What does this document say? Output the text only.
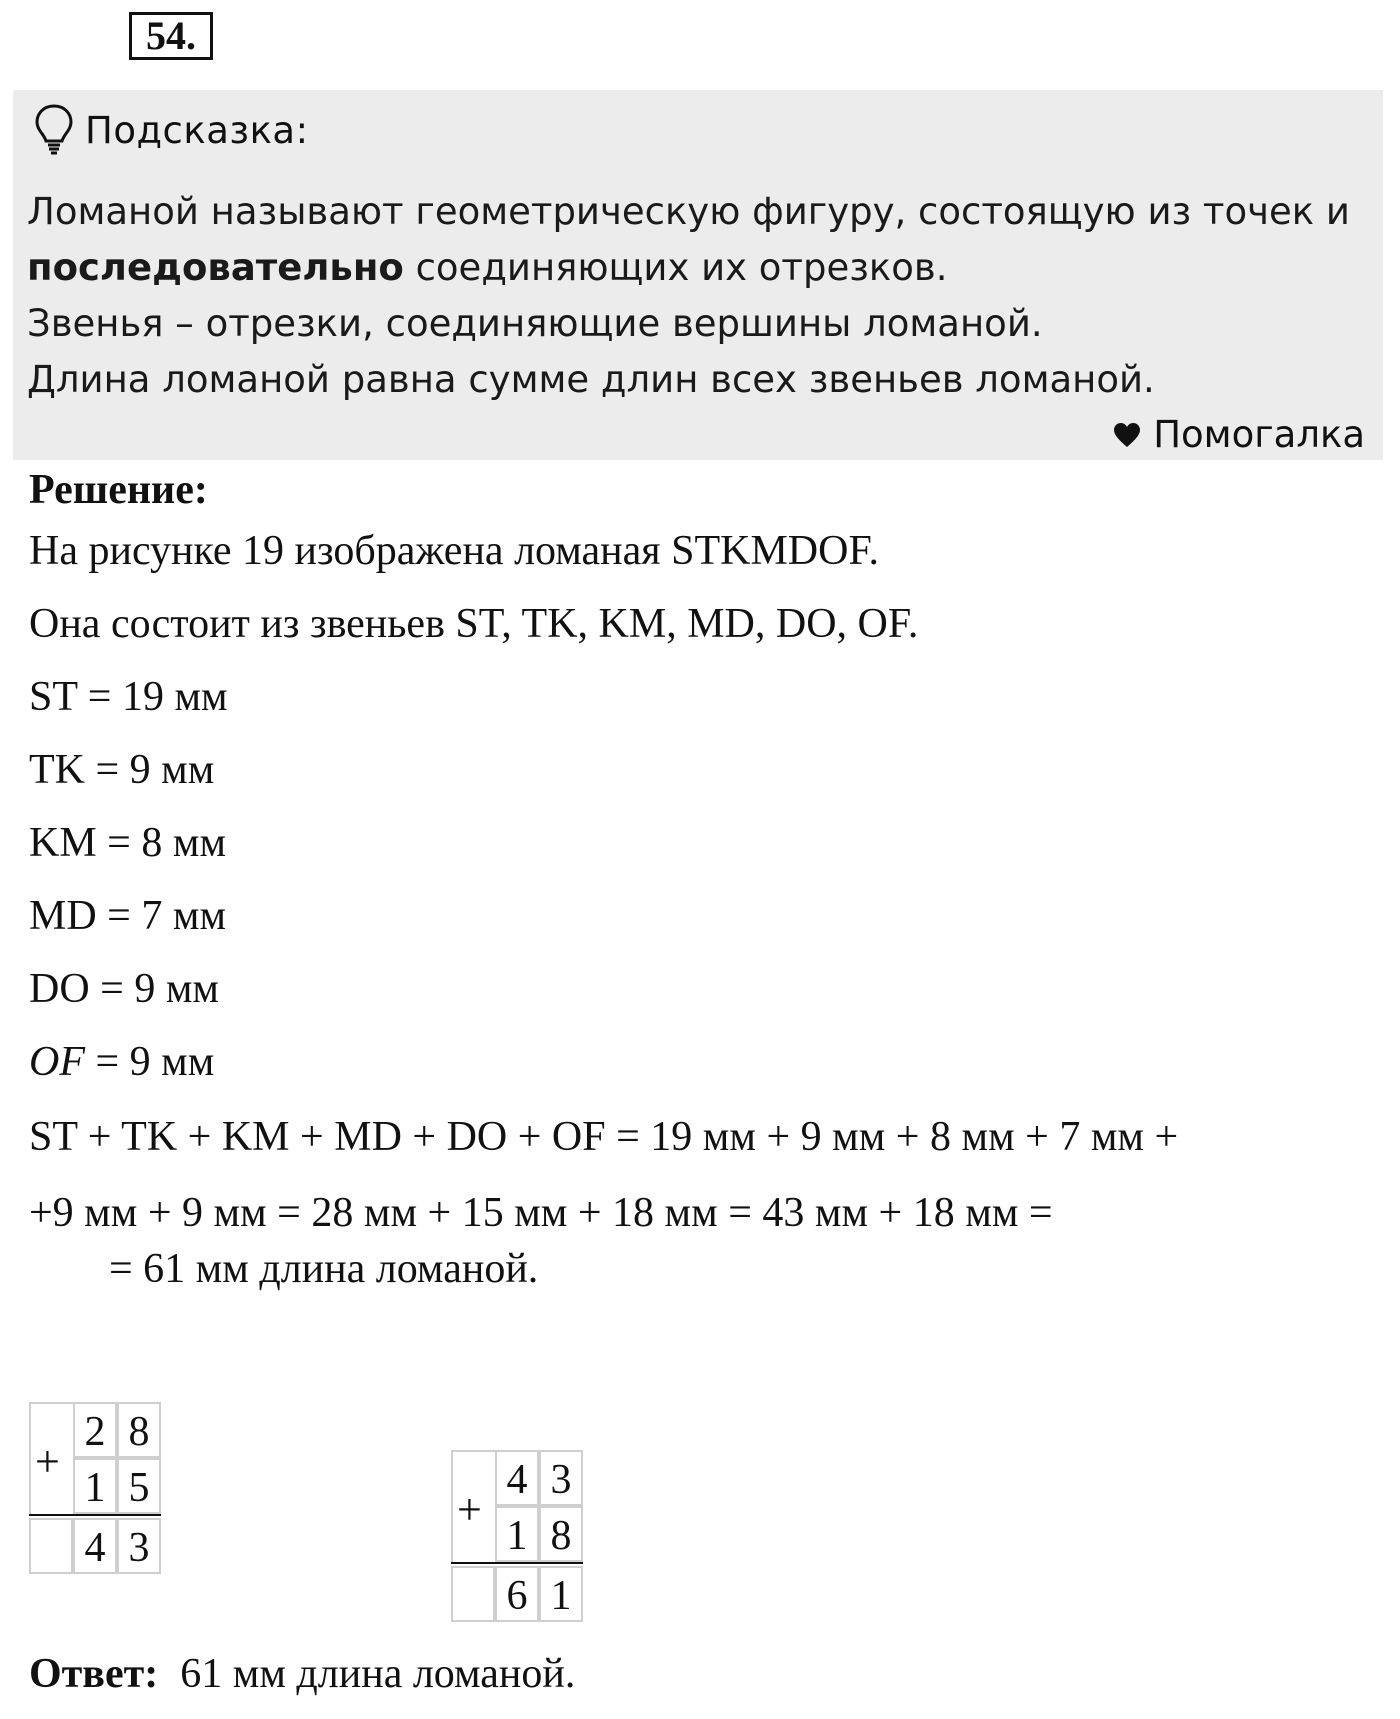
54.
Подсказка:
Ломаной называют геометрическую фигуру, состоящую из точек и
последовательно соединяющих их отрезков.
Звенья – отрезки, соединяющие вершины ломаной.
Длина ломаной равна сумме длин всех звеньев ломаной.
Помогалка
Решение:
На рисунке 19 изображена ломаная STKMDOF.
Она состоит из звеньев ST, TK, KM, MD, DO, OF.
ST = 19 мм
TK = 9 мм
KM = 8 мм
MD = 7 мм
DO = 9 мм
OF = 9 мм
ST + TK + KM + MD + DO + OF = 19 мм + 9 мм + 8 мм + 7 мм +
+9 мм + 9 мм = 28 мм + 15 мм + 18 мм = 43 мм + 18 мм =
= 61 мм длина ломаной.
+
2 8
1 5
4 3
+
4 3
1 8
6 1
Ответ: 61 мм длина ломаной.
